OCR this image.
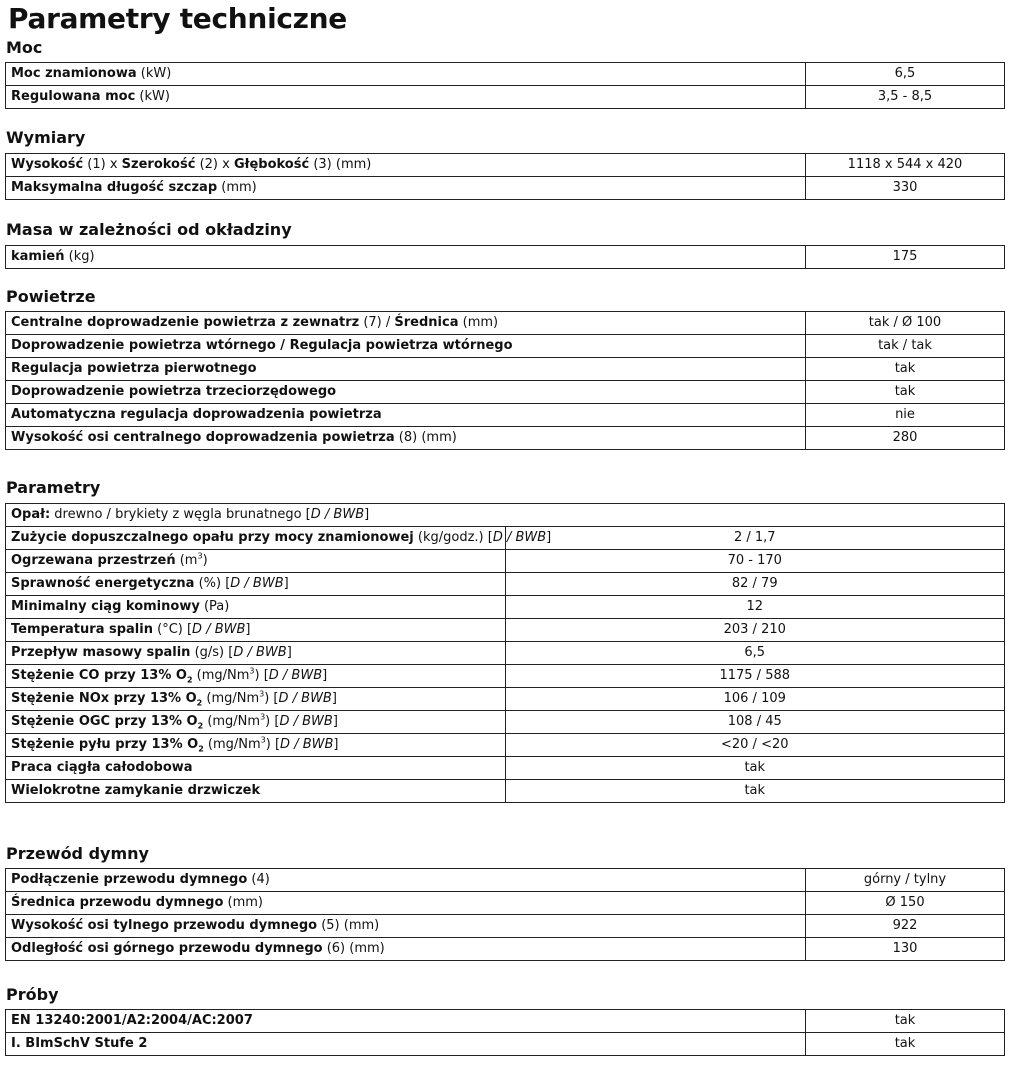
Parametry techniczne
Moc
Moc znamionowa (kW)	6,5
Regulowana moc (kW)	3,5 - 8,5
Wymiary
Wysokość (1) x Szerokość (2) x Głębokość (3) (mm)	1118 x 544 x 420
Maksymalna długość szczap (mm)	330
Masa w zależności od okładziny
kamień (kg)	175
Powietrze
Centralne doprowadzenie powietrza z zewnatrz (7) / Średnica (mm)	tak / Ø 100
Doprowadzenie powietrza wtórnego / Regulacja powietrza wtórnego	tak / tak
Regulacja powietrza pierwotnego	tak
Doprowadzenie powietrza trzeciorzędowego	tak
Automatyczna regulacja doprowadzenia powietrza	nie
Wysokość osi centralnego doprowadzenia powietrza (8) (mm)	280
Parametry
Opał: drewno / brykiety z węgla brunatnego [D / BWB]	
Zużycie dopuszczalnego opału przy mocy znamionowej (kg/godz.) [D / BWB]	2 / 1,7
Ogrzewana przestrzeń $(m^3)$	70 - 170
Sprawność energetyczna (%) [D / BWB]	82 / 79
Minimalny ciąg kominowy (Pa)	12
Temperatura spalin (°C) [D / BWB]	203 / 210
Przepływ masowy spalin (g/s) [D / BWB]	6,5
Stężenie CO przy 13% $O_2$ (mg/Nm$^3$) [D / BWB]	1175 / 588
Stężenie NOx przy 13% $O_2$ (mg/Nm$^3$) [D / BWB]	106 / 109
Stężenie OGC przy 13% $O_2$ (mg/Nm$^3$) [D / BWB]	108 / 45
Stężenie pyłu przy 13% $O_2$ (mg/Nm$^3$) [D / BWB]	<20 / <20
Praca ciągła całodobowa	tak
Wielokrotne zamykanie drzwiczek	tak
Przewód dymny
Podłączenie przewodu dymnego (4)	górny / tylny
Średnica przewodu dymnego (mm)	Ø 150
Wysokość osi tylnego przewodu dymnego (5) (mm)	922
Odległość osi górnego przewodu dymnego (6) (mm)	130
Próby
EN 13240:2001/A2:2004/AC:2007	tak
I. BImSchV Stufe 2	tak
